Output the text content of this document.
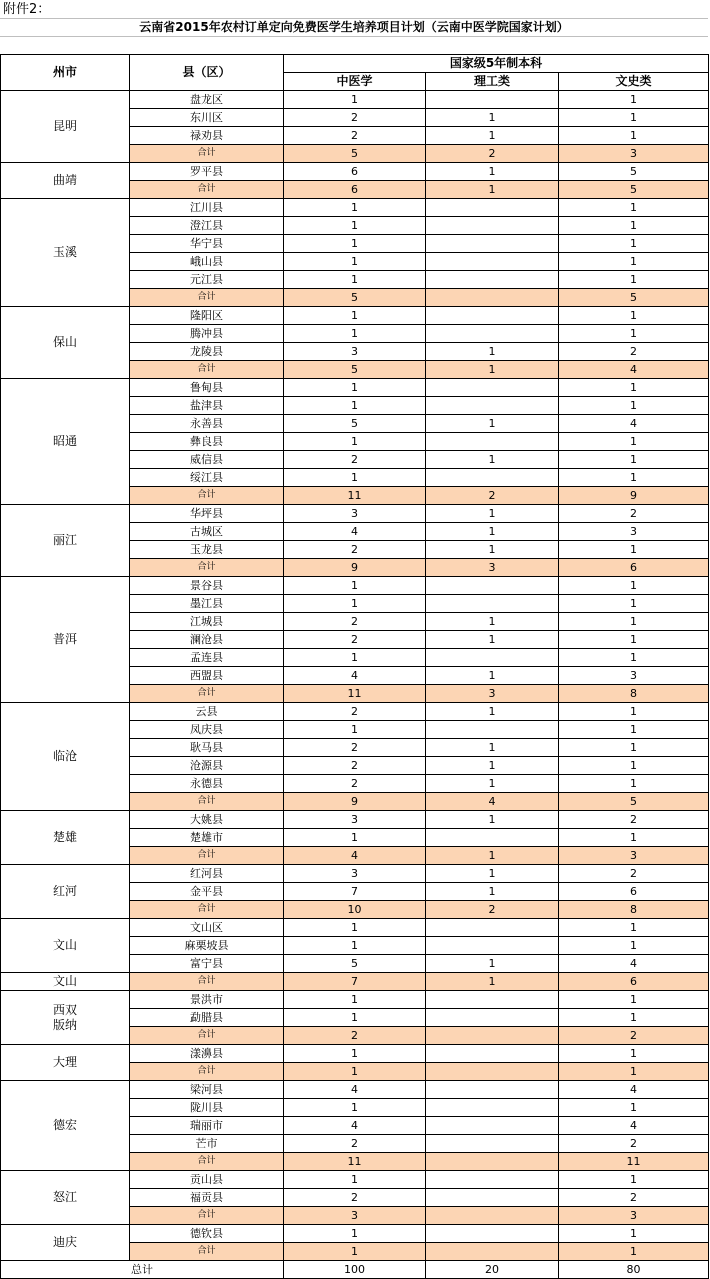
附件2：
云南省2015年农村订单定向免费医学生培养项目计划（云南中医学院国家计划）
州市	县（区）	国家级5年制本科		
		中医学	理工类	文史类
昆明	盘龙区	1		1
	东川区	2	1	1
	禄劝县	2	1	1
	合计	5	2	3
曲靖	罗平县	6	1	5
	合计	6	1	5
玉溪	江川县	1		1
	澄江县	1		1
	华宁县	1		1
	峨山县	1		1
	元江县	1		1
	合计	5		5
保山	隆阳区	1		1
	腾冲县	1		1
	龙陵县	3	1	2
	合计	5	1	4
昭通	鲁甸县	1		1
	盐津县	1		1
	永善县	5	1	4
	彝良县	1		1
	威信县	2	1	1
	绥江县	1		1
	合计	11	2	9
丽江	华坪县	3	1	2
	古城区	4	1	3
	玉龙县	2	1	1
	合计	9	3	6
普洱	景谷县	1		1
	墨江县	1		1
	江城县	2	1	1
	澜沧县	2	1	1
	孟连县	1		1
	西盟县	4	1	3
	合计	11	3	8
临沧	云县	2	1	1
	凤庆县	1		1
	耿马县	2	1	1
	沧源县	2	1	1
	永德县	2	1	1
	合计	9	4	5
楚雄	大姚县	3	1	2
	楚雄市	1		1
	合计	4	1	3
红河	红河县	3	1	2
	金平县	7	1	6
	合计	10	2	8
文山	文山区	1		1
	麻栗坡县	1		1
	富宁县	5	1	4
文山	合计	7	1	6
西双
版纳	景洪市	1		1
	勐腊县	1		1
	合计	2		2
大理	漾濞县	1		1
	合计	1		1
德宏	梁河县	4		4
	陇川县	1		1
	瑞丽市	4		4
	芒市	2		2
	合计	11		11
怒江	贡山县	1		1
	福贡县	2		2
	合计	3		3
迪庆	德钦县	1		1
	合计	1		1
总计		100	20	80
